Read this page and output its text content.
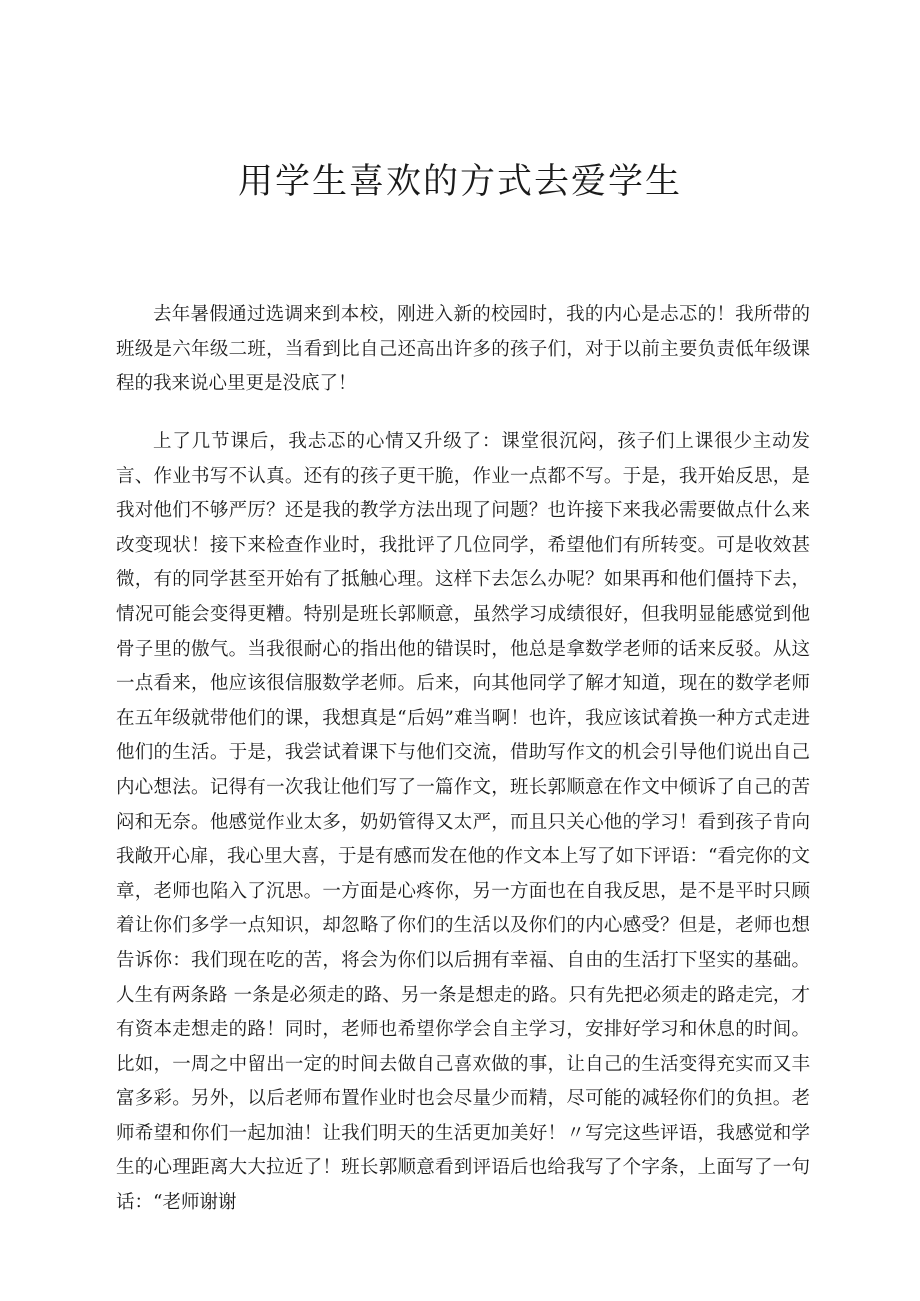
用学生喜欢的方式去爱学生

去年暑假通过选调来到本校，刚进入新的校园时，我的内心是忐忑的！我所带的班级是六年级二班，当看到比自己还高出许多的孩子们，对于以前主要负责低年级课程的我来说心里更是没底了！

上了几节课后，我忐忑的心情又升级了：课堂很沉闷，孩子们上课很少主动发言、作业书写不认真。还有的孩子更干脆，作业一点都不写。于是，我开始反思，是我对他们不够严厉？还是我的教学方法出现了问题？也许接下来我必需要做点什么来改变现状！接下来检查作业时，我批评了几位同学，希望他们有所转变。可是收效甚微，有的同学甚至开始有了抵触心理。这样下去怎么办呢？如果再和他们僵持下去，情况可能会变得更糟。特别是班长郭顺意，虽然学习成绩很好，但我明显能感觉到他骨子里的傲气。当我很耐心的指出他的错误时，他总是拿数学老师的话来反驳。从这一点看来，他应该很信服数学老师。后来，向其他同学了解才知道，现在的数学老师在五年级就带他们的课，我想真是“后妈”难当啊！也许，我应该试着换一种方式走进他们的生活。于是，我尝试着课下与他们交流，借助写作文的机会引导他们说出自己内心想法。记得有一次我让他们写了一篇作文，班长郭顺意在作文中倾诉了自己的苦闷和无奈。他感觉作业太多，奶奶管得又太严，而且只关心他的学习！看到孩子肯向我敞开心扉，我心里大喜，于是有感而发在他的作文本上写了如下评语：“看完你的文章，老师也陷入了沉思。一方面是心疼你，另一方面也在自我反思，是不是平时只顾着让你们多学一点知识，却忽略了你们的生活以及你们的内心感受？但是，老师也想告诉你：我们现在吃的苦，将会为你们以后拥有幸福、自由的生活打下坚实的基础。人生有两条路 一条是必须走的路、另一条是想走的路。只有先把必须走的路走完，才有资本走想走的路！同时，老师也希望你学会自主学习，安排好学习和休息的时间。比如，一周之中留出一定的时间去做自己喜欢做的事，让自己的生活变得充实而又丰富多彩。另外，以后老师布置作业时也会尽量少而精，尽可能的减轻你们的负担。老师希望和你们一起加油！让我们明天的生活更加美好！〃写完这些评语，我感觉和学生的心理距离大大拉近了！班长郭顺意看到评语后也给我写了个字条，上面写了一句话：“老师谢谢
